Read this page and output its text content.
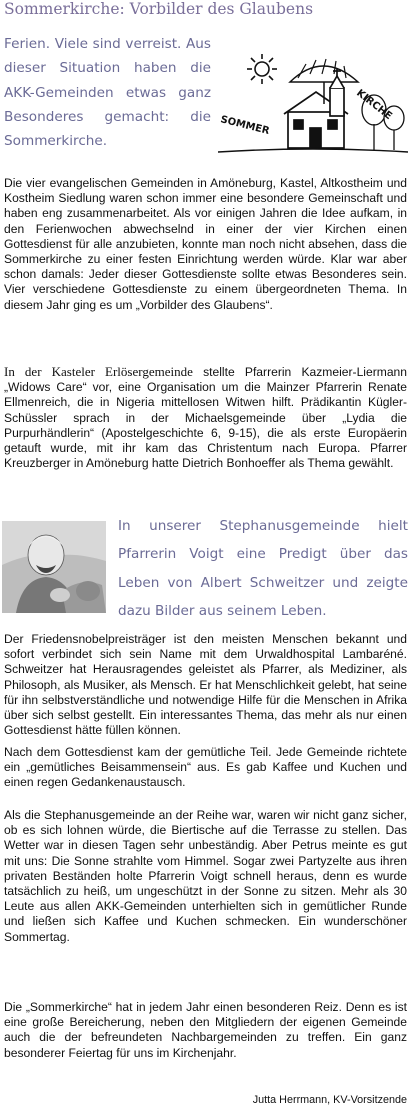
Sommerkirche: Vorbilder des Glaubens
Ferien. Viele sind verreist. Aus dieser Situation haben die AKK-Gemeinden etwas ganz Besonderes gemacht: die Sommerkirche.
SOMMER
KIRCHE

Die vier evangelischen Gemeinden in Amöneburg, Kastel, Altkostheim und Kostheim Siedlung waren schon immer eine besondere Gemeinschaft und haben eng zusammenarbeitet. Als vor einigen Jahren die Idee aufkam, in den Ferienwochen abwechselnd in einer der vier Kirchen einen Gottesdienst für alle anzubieten, konnte man noch nicht absehen, dass die Sommerkirche zu einer festen Einrichtung werden würde. Klar war aber schon damals: Jeder dieser Gottesdienste sollte etwas Besonderes sein. Vier verschiedene Gottesdienste zu einem übergeordneten Thema. In diesem Jahr ging es um „Vorbilder des Glaubens“.

In der Kasteler Erlösergemeinde stellte Pfarrerin Kazmeier-Liermann „Widows Care“ vor, eine Organisation um die Mainzer Pfarrerin Renate Ellmenreich, die in Nigeria mittellosen Witwen hilft. Prädikantin Kügler-Schüssler sprach in der Michaelsgemeinde über „Lydia die Purpurhändlerin“ (Apostelgeschichte 6, 9-15), die als erste Europäerin getauft wurde, mit ihr kam das Christentum nach Europa. Pfarrer Kreuzberger in Amöneburg hatte Dietrich Bonhoeffer als Thema gewählt.

In unserer Stephanusgemeinde hielt Pfarrerin Voigt eine Predigt über das Leben von Albert Schweitzer und zeigte dazu Bilder aus seinem Leben.

Der Friedensnobelpreisträger ist den meisten Menschen bekannt und sofort verbindet sich sein Name mit dem Urwaldhospital Lambaréné. Schweitzer hat Herausragendes geleistet als Pfarrer, als Mediziner, als Philosoph, als Musiker, als Mensch. Er hat Menschlichkeit gelebt, hat seine für ihn selbstverständliche und notwendige Hilfe für die Menschen in Afrika über sich selbst gestellt. Ein interessantes Thema, das mehr als nur einen Gottesdienst hätte füllen können.

Nach dem Gottesdienst kam der gemütliche Teil. Jede Gemeinde richtete ein „gemütliches Beisammensein“ aus. Es gab Kaffee und Kuchen und einen regen Gedankenaustausch.

Als die Stephanusgemeinde an der Reihe war, waren wir nicht ganz sicher, ob es sich lohnen würde, die Biertische auf die Terrasse zu stellen. Das Wetter war in diesen Tagen sehr unbeständig. Aber Petrus meinte es gut mit uns: Die Sonne strahlte vom Himmel. Sogar zwei Partyzelte aus ihren privaten Beständen holte Pfarrerin Voigt schnell heraus, denn es wurde tatsächlich zu heiß, um ungeschützt in der Sonne zu sitzen. Mehr als 30 Leute aus allen AKK-Gemeinden unterhielten sich in gemütlicher Runde und ließen sich Kaffee und Kuchen schmecken. Ein wunderschöner Sommertag.

Die „Sommerkirche“ hat in jedem Jahr einen besonderen Reiz. Denn es ist eine große Bereicherung, neben den Mitgliedern der eigenen Gemeinde auch die der befreundeten Nachbargemeinden zu treffen. Ein ganz besonderer Feiertag für uns im Kirchenjahr.

Jutta Herrmann, KV-Vorsitzende
